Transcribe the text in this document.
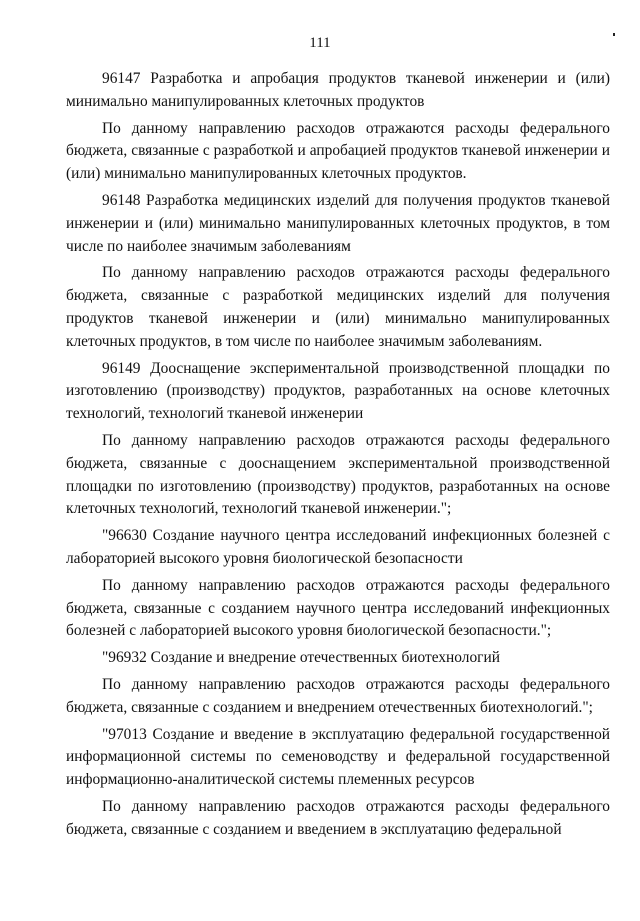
111

96147 Разработка и апробация продуктов тканевой инженерии и (или) минимально манипулированных клеточных продуктов

По данному направлению расходов отражаются расходы федерального бюджета, связанные с разработкой и апробацией продуктов тканевой инженерии и (или) минимально манипулированных клеточных продуктов.

96148 Разработка медицинских изделий для получения продуктов тканевой инженерии и (или) минимально манипулированных клеточных продуктов, в том числе по наиболее значимым заболеваниям

По данному направлению расходов отражаются расходы федерального бюджета, связанные с разработкой медицинских изделий для получения продуктов тканевой инженерии и (или) минимально манипулированных клеточных продуктов, в том числе по наиболее значимым заболеваниям.

96149 Дооснащение экспериментальной производственной площадки по изготовлению (производству) продуктов, разработанных на основе клеточных технологий, технологий тканевой инженерии

По данному направлению расходов отражаются расходы федерального бюджета, связанные с дооснащением экспериментальной производственной площадки по изготовлению (производству) продуктов, разработанных на основе клеточных технологий, технологий тканевой инженерии.";

"96630 Создание научного центра исследований инфекционных болезней с лабораторией высокого уровня биологической безопасности

По данному направлению расходов отражаются расходы федерального бюджета, связанные с созданием научного центра исследований инфекционных болезней с лабораторией высокого уровня биологической безопасности.";

"96932 Создание и внедрение отечественных биотехнологий

По данному направлению расходов отражаются расходы федерального бюджета, связанные с созданием и внедрением отечественных биотехнологий.";

"97013 Создание и введение в эксплуатацию федеральной государственной информационной системы по семеноводству и федеральной государственной информационно-аналитической системы племенных ресурсов

По данному направлению расходов отражаются расходы федерального бюджета, связанные с созданием и введением в эксплуатацию федеральной
